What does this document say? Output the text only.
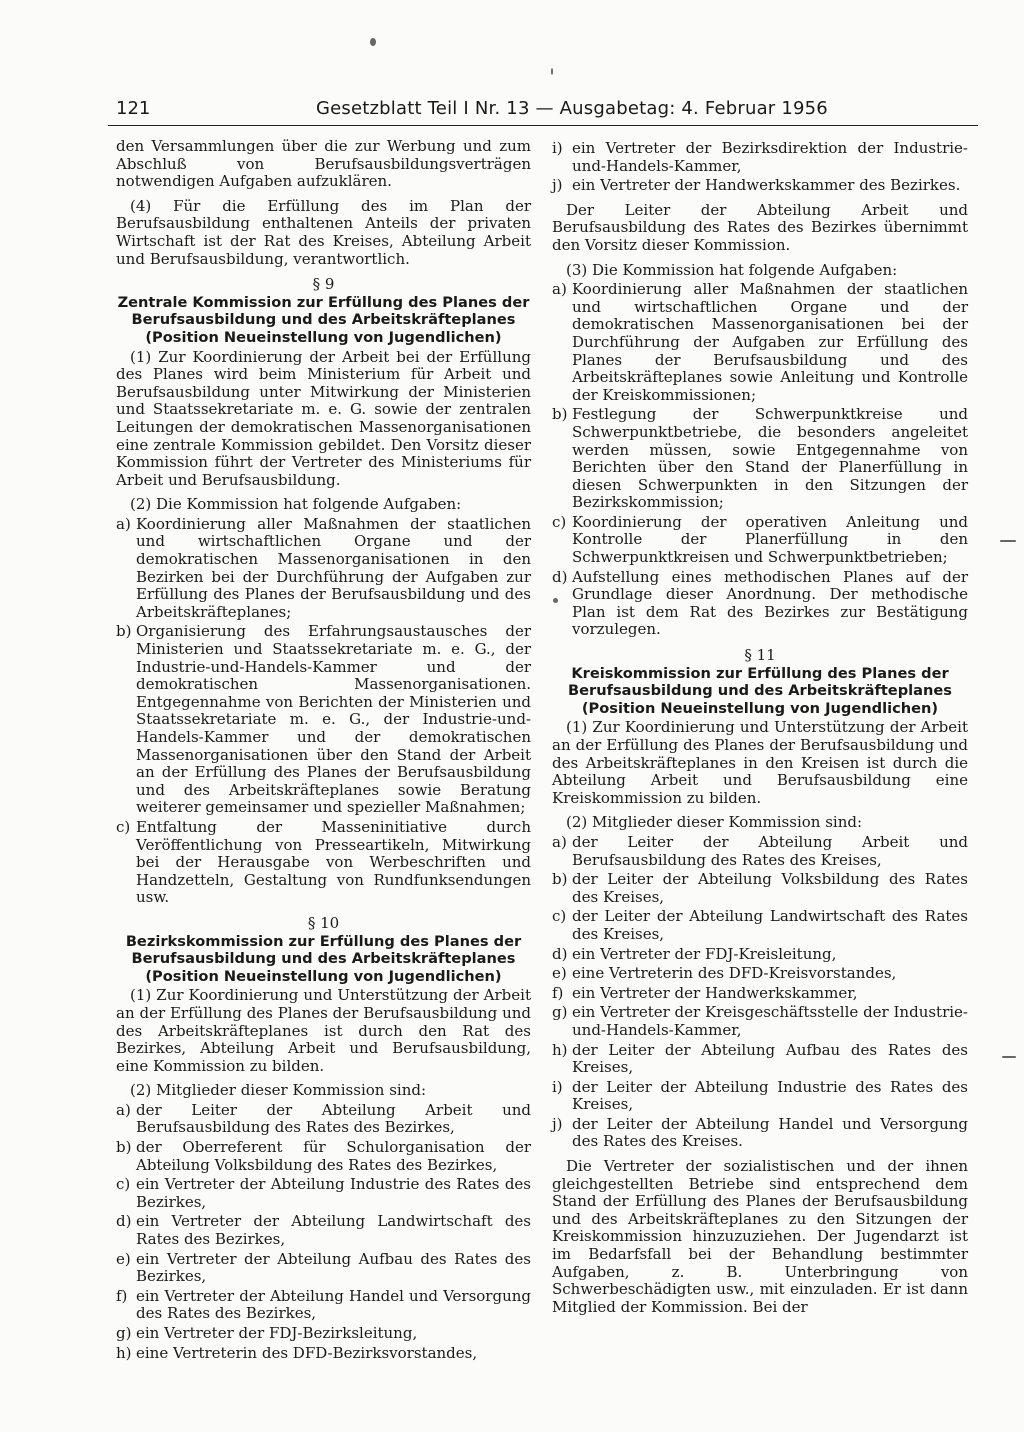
121	Gesetzblatt Teil I Nr. 13 — Ausgabetag: 4. Februar 1956

den Versammlungen über die zur Werbung und zum Abschluß von Berufsausbildungsverträgen notwendigen Aufgaben aufzuklären.

(4) Für die Erfüllung des im Plan der Berufsausbildung enthaltenen Anteils der privaten Wirtschaft ist der Rat des Kreises, Abteilung Arbeit und Berufsausbildung, verantwortlich.

§ 9
Zentrale Kommission zur Erfüllung des Planes der Berufsausbildung und des Arbeitskräfteplanes (Position Neueinstellung von Jugendlichen)

(1) Zur Koordinierung der Arbeit bei der Erfüllung des Planes wird beim Ministerium für Arbeit und Berufsausbildung unter Mitwirkung der Ministerien und Staatssekretariate m. e. G. sowie der zentralen Leitungen der demokratischen Massenorganisationen eine zentrale Kommission gebildet. Den Vorsitz dieser Kommission führt der Vertreter des Ministeriums für Arbeit und Berufsausbildung.

(2) Die Kommission hat folgende Aufgaben:

a) Koordinierung aller Maßnahmen der staatlichen und wirtschaftlichen Organe und der demokratischen Massenorganisationen in den Bezirken bei der Durchführung der Aufgaben zur Erfüllung des Planes der Berufsausbildung und des Arbeitskräfteplanes;
b) Organisierung des Erfahrungsaustausches der Ministerien und Staatssekretariate m. e. G., der Industrie-und-Handels-Kammer und der demokratischen Massenorganisationen. Entgegennahme von Berichten der Ministerien und Staatssekretariate m. e. G., der Industrie-und-Handels-Kammer und der demokratischen Massenorganisationen über den Stand der Arbeit an der Erfüllung des Planes der Berufsausbildung und des Arbeitskräfteplanes sowie Beratung weiterer gemeinsamer und spezieller Maßnahmen;
c) Entfaltung der Masseninitiative durch Veröffentlichung von Presseartikeln, Mitwirkung bei der Herausgabe von Werbeschriften und Handzetteln, Gestaltung von Rundfunksendungen usw.
§ 10
Bezirkskommission zur Erfüllung des Planes der Berufsausbildung und des Arbeitskräfteplanes (Position Neueinstellung von Jugendlichen)

(1) Zur Koordinierung und Unterstützung der Arbeit an der Erfüllung des Planes der Berufsausbildung und des Arbeitskräfteplanes ist durch den Rat des Bezirkes, Abteilung Arbeit und Berufsausbildung, eine Kommission zu bilden.

(2) Mitglieder dieser Kommission sind:

a) der Leiter der Abteilung Arbeit und Berufsausbildung des Rates des Bezirkes,
b) der Oberreferent für Schulorganisation der Abteilung Volksbildung des Rates des Bezirkes,
c) ein Vertreter der Abteilung Industrie des Rates des Bezirkes,
d) ein Vertreter der Abteilung Landwirtschaft des Rates des Bezirkes,
e) ein Vertreter der Abteilung Aufbau des Rates des Bezirkes,
f) ein Vertreter der Abteilung Handel und Versorgung des Rates des Bezirkes,
g) ein Vertreter der FDJ-Bezirksleitung,
h) eine Vertreterin des DFD-Bezirksvorstandes,
i) ein Vertreter der Bezirksdirektion der Industrie-und-Handels-Kammer,
j) ein Vertreter der Handwerkskammer des Bezirkes.

Der Leiter der Abteilung Arbeit und Berufsausbildung des Rates des Bezirkes übernimmt den Vorsitz dieser Kommission.

(3) Die Kommission hat folgende Aufgaben:

a) Koordinierung aller Maßnahmen der staatlichen und wirtschaftlichen Organe und der demokratischen Massenorganisationen bei der Durchführung der Aufgaben zur Erfüllung des Planes der Berufsausbildung und des Arbeitskräfteplanes sowie Anleitung und Kontrolle der Kreiskommissionen;
b) Festlegung der Schwerpunktkreise und Schwerpunktbetriebe, die besonders angeleitet werden müssen, sowie Entgegennahme von Berichten über den Stand der Planerfüllung in diesen Schwerpunkten in den Sitzungen der Bezirkskommission;
c) Koordinierung der operativen Anleitung und Kontrolle der Planerfüllung in den Schwerpunktkreisen und Schwerpunktbetrieben;
d) Aufstellung eines methodischen Planes auf der Grundlage dieser Anordnung. Der methodische Plan ist dem Rat des Bezirkes zur Bestätigung vorzulegen.
§ 11
Kreiskommission zur Erfüllung des Planes der Berufsausbildung und des Arbeitskräfteplanes (Position Neueinstellung von Jugendlichen)

(1) Zur Koordinierung und Unterstützung der Arbeit an der Erfüllung des Planes der Berufsausbildung und des Arbeitskräfteplanes in den Kreisen ist durch die Abteilung Arbeit und Berufsausbildung eine Kreiskommission zu bilden.

(2) Mitglieder dieser Kommission sind:

a) der Leiter der Abteilung Arbeit und Berufsausbildung des Rates des Kreises,
b) der Leiter der Abteilung Volksbildung des Rates des Kreises,
c) der Leiter der Abteilung Landwirtschaft des Rates des Kreises,
d) ein Vertreter der FDJ-Kreisleitung,
e) eine Vertreterin des DFD-Kreisvorstandes,
f) ein Vertreter der Handwerkskammer,
g) ein Vertreter der Kreisgeschäftsstelle der Industrie-und-Handels-Kammer,
h) der Leiter der Abteilung Aufbau des Rates des Kreises,
i) der Leiter der Abteilung Industrie des Rates des Kreises,
j) der Leiter der Abteilung Handel und Versorgung des Rates des Kreises.

Die Vertreter der sozialistischen und der ihnen gleichgestellten Betriebe sind entsprechend dem Stand der Erfüllung des Planes der Berufsausbildung und des Arbeitskräfteplanes zu den Sitzungen der Kreiskommission hinzuzuziehen. Der Jugendarzt ist im Bedarfsfall bei der Behandlung bestimmter Aufgaben, z. B. Unterbringung von Schwerbeschädigten usw., mit einzuladen. Er ist dann Mitglied der Kommission. Bei der
